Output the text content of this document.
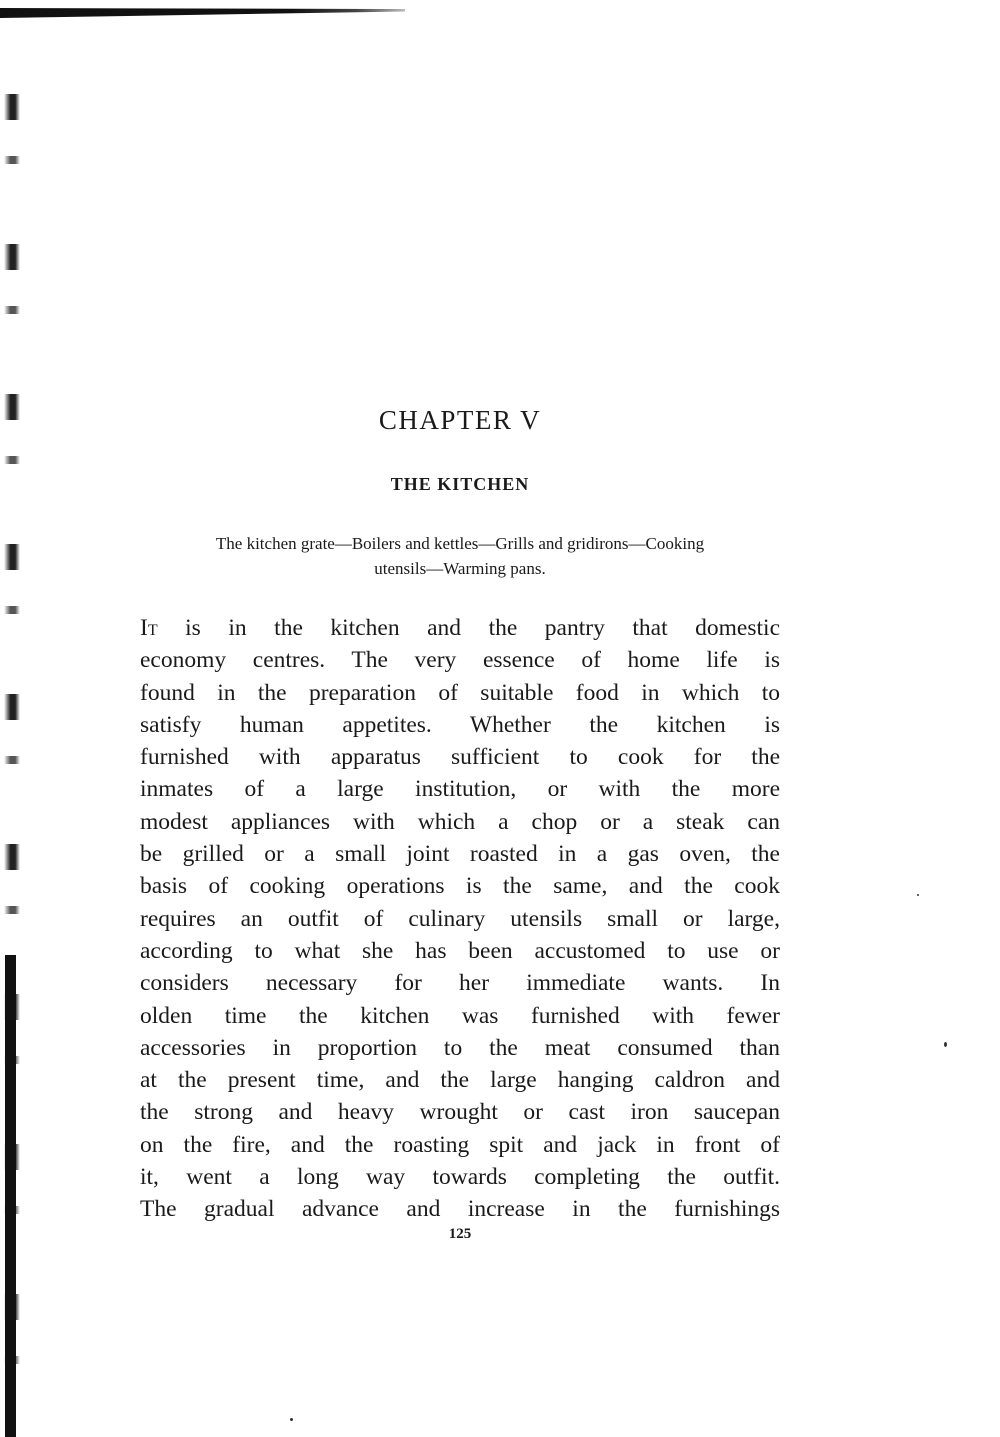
CHAPTER V
THE KITCHEN
The kitchen grate—Boilers and kettles—Grills and gridirons—Cooking
utensils—Warming pans.
It is in the kitchen and the pantry that domestic
economy centres. The very essence of home life is
found in the preparation of suitable food in which to
satisfy human appetites. Whether the kitchen is
furnished with apparatus sufficient to cook for the
inmates of a large institution, or with the more
modest appliances with which a chop or a steak can
be grilled or a small joint roasted in a gas oven, the
basis of cooking operations is the same, and the cook
requires an outfit of culinary utensils small or large,
according to what she has been accustomed to use or
considers necessary for her immediate wants. In
olden time the kitchen was furnished with fewer
accessories in proportion to the meat consumed than
at the present time, and the large hanging caldron and
the strong and heavy wrought or cast iron saucepan
on the fire, and the roasting spit and jack in front of
it, went a long way towards completing the outfit.
The gradual advance and increase in the furnishings
125
